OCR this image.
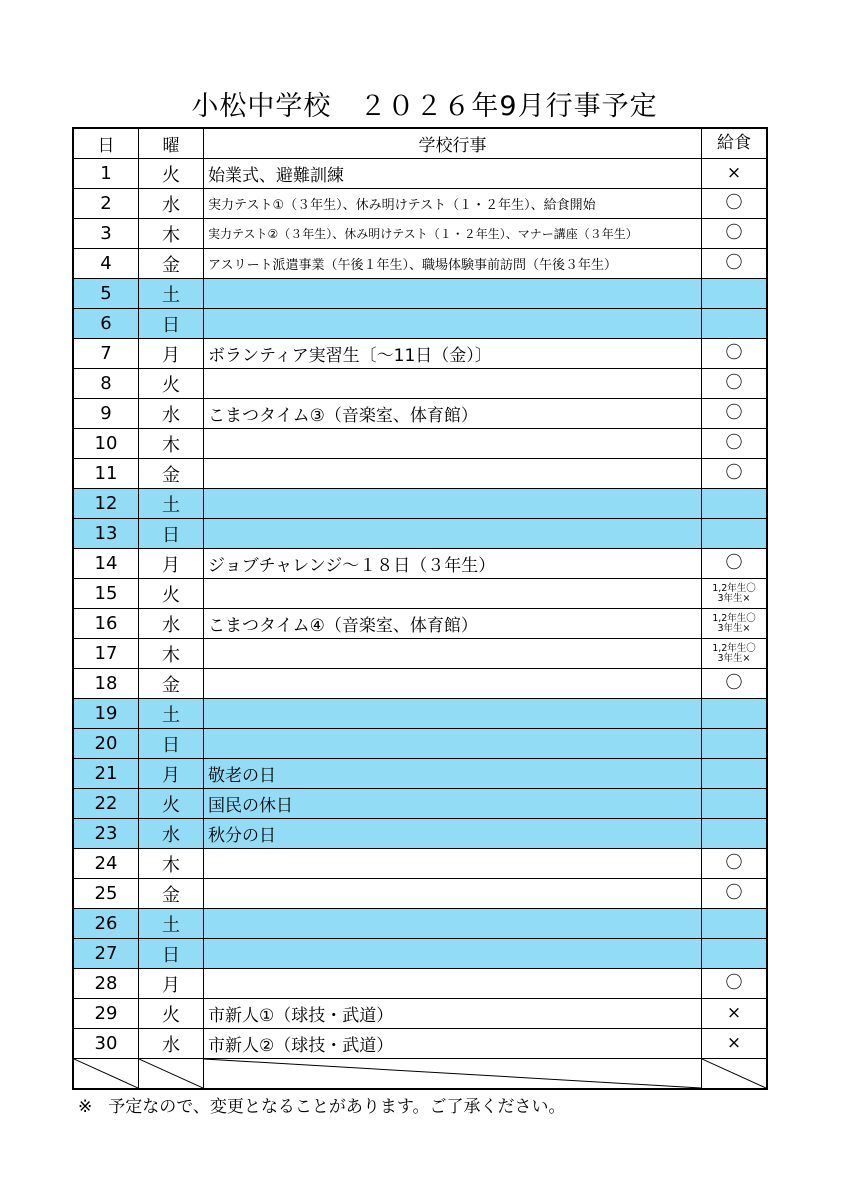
小松中学校　２０２６年9月行事予定
日	曜	学校行事	給食
1	火	始業式、避難訓練	×
2	水	実力テスト①（３年生）、休み明けテスト（１・２年生）、給食開始	〇
3	木	実力テスト②（３年生）、休み明けテスト（１・２年生）、マナー講座（３年生）	〇
4	金	アスリート派遣事業（午後１年生）、職場体験事前訪問（午後３年生）	〇
5	土		
6	日		
7	月	ボランティア実習生〔～11日（金）〕	〇
8	火		〇
9	水	こまつタイム③（音楽室、体育館）	〇
10	木		〇
11	金		〇
12	土		
13	日		
14	月	ジョブチャレンジ～１８日（３年生）	〇
15	火		1,2年生〇
3年生×

16	水	こまつタイム④（音楽室、体育館）	1,2年生〇
3年生×

17	木		1,2年生〇
3年生×

18	金		〇
19	土		
20	日		
21	月	敬老の日	
22	火	国民の休日	
23	水	秋分の日	
24	木		〇
25	金		〇
26	土		
27	日		
28	月		〇
29	火	市新人①（球技・武道）	×
30	水	市新人②（球技・武道）	×

※ 予定なので、変更となることがあります。ご了承ください。
